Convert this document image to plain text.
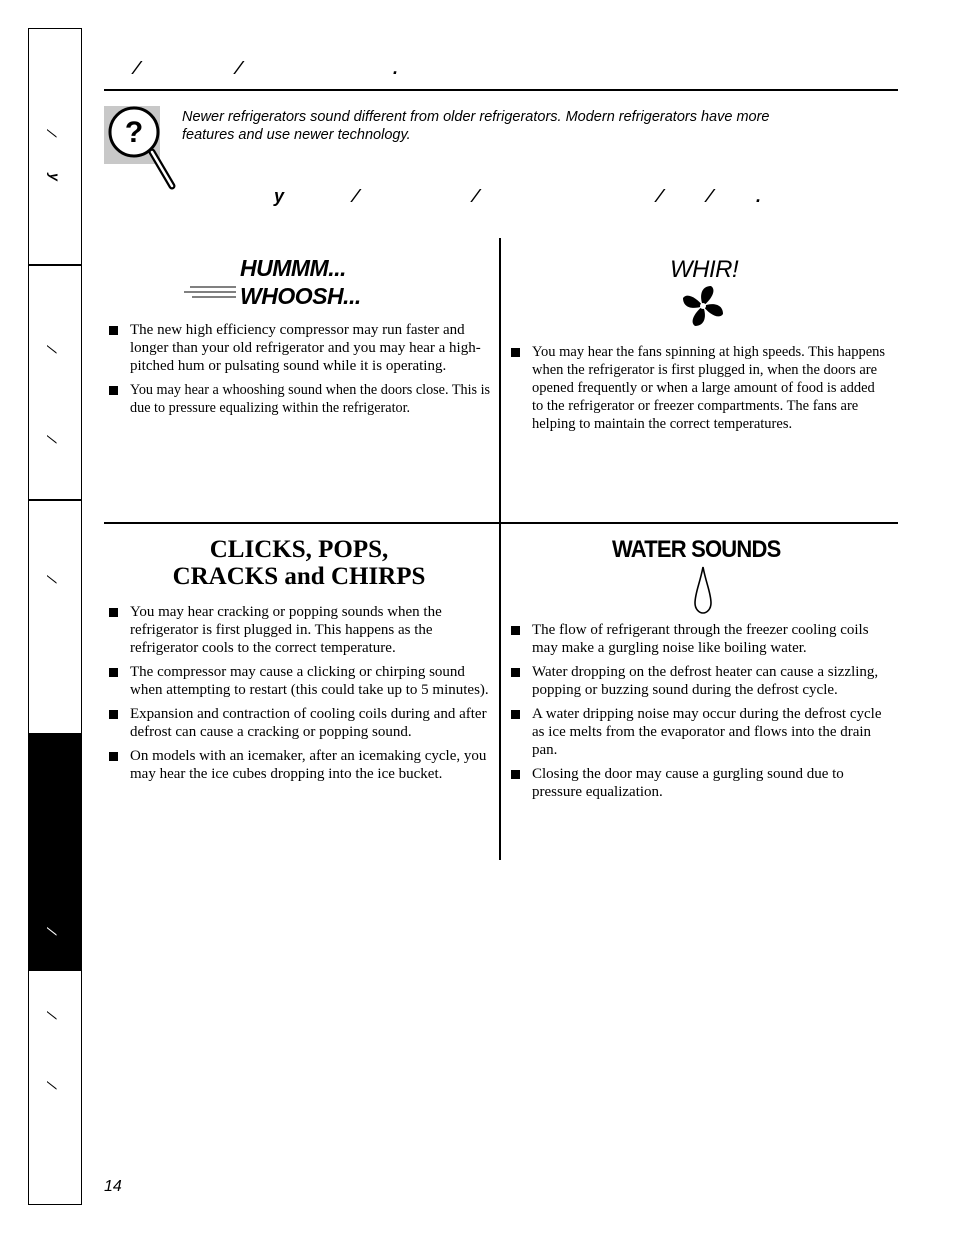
⁄
⁄
y
⁄
⁄
⁄
⁄
⁄
⁄	⁄	.
?	Newer refrigerators sound different from older refrigerators. Modern refrigerators have more features and use newer technology.
y	⁄	⁄	⁄	⁄ .
HUMMM...
WHOOSH...
The new high efficiency compressor may run faster and longer than your old refrigerator and you may hear a high-pitched hum or pulsating sound while it is operating.
You may hear a whooshing sound when the doors close. This is due to pressure equalizing within the refrigerator.
WHIR!
You may hear the fans spinning at high speeds. This happens when the refrigerator is first plugged in, when the doors are opened frequently or when a large amount of food is added to the refrigerator or freezer compartments. The fans are helping to maintain the correct temperatures.
CLICKS, POPS,
CRACKS and CHIRPS
You may hear cracking or popping sounds when the refrigerator is first plugged in. This happens as the refrigerator cools to the correct temperature.
The compressor may cause a clicking or chirping sound when attempting to restart (this could take up to 5 minutes).
Expansion and contraction of cooling coils during and after defrost can cause a cracking or popping sound.
On models with an icemaker, after an icemaking cycle, you may hear the ice cubes dropping into the ice bucket.
WATER SOUNDS
The flow of refrigerant through the freezer cooling coils may make a gurgling noise like boiling water.
Water dropping on the defrost heater can cause a sizzling, popping or buzzing sound during the defrost cycle.
A water dripping noise may occur during the defrost cycle as ice melts from the evaporator and flows into the drain pan.
Closing the door may cause a gurgling sound due to pressure equalization.
14
